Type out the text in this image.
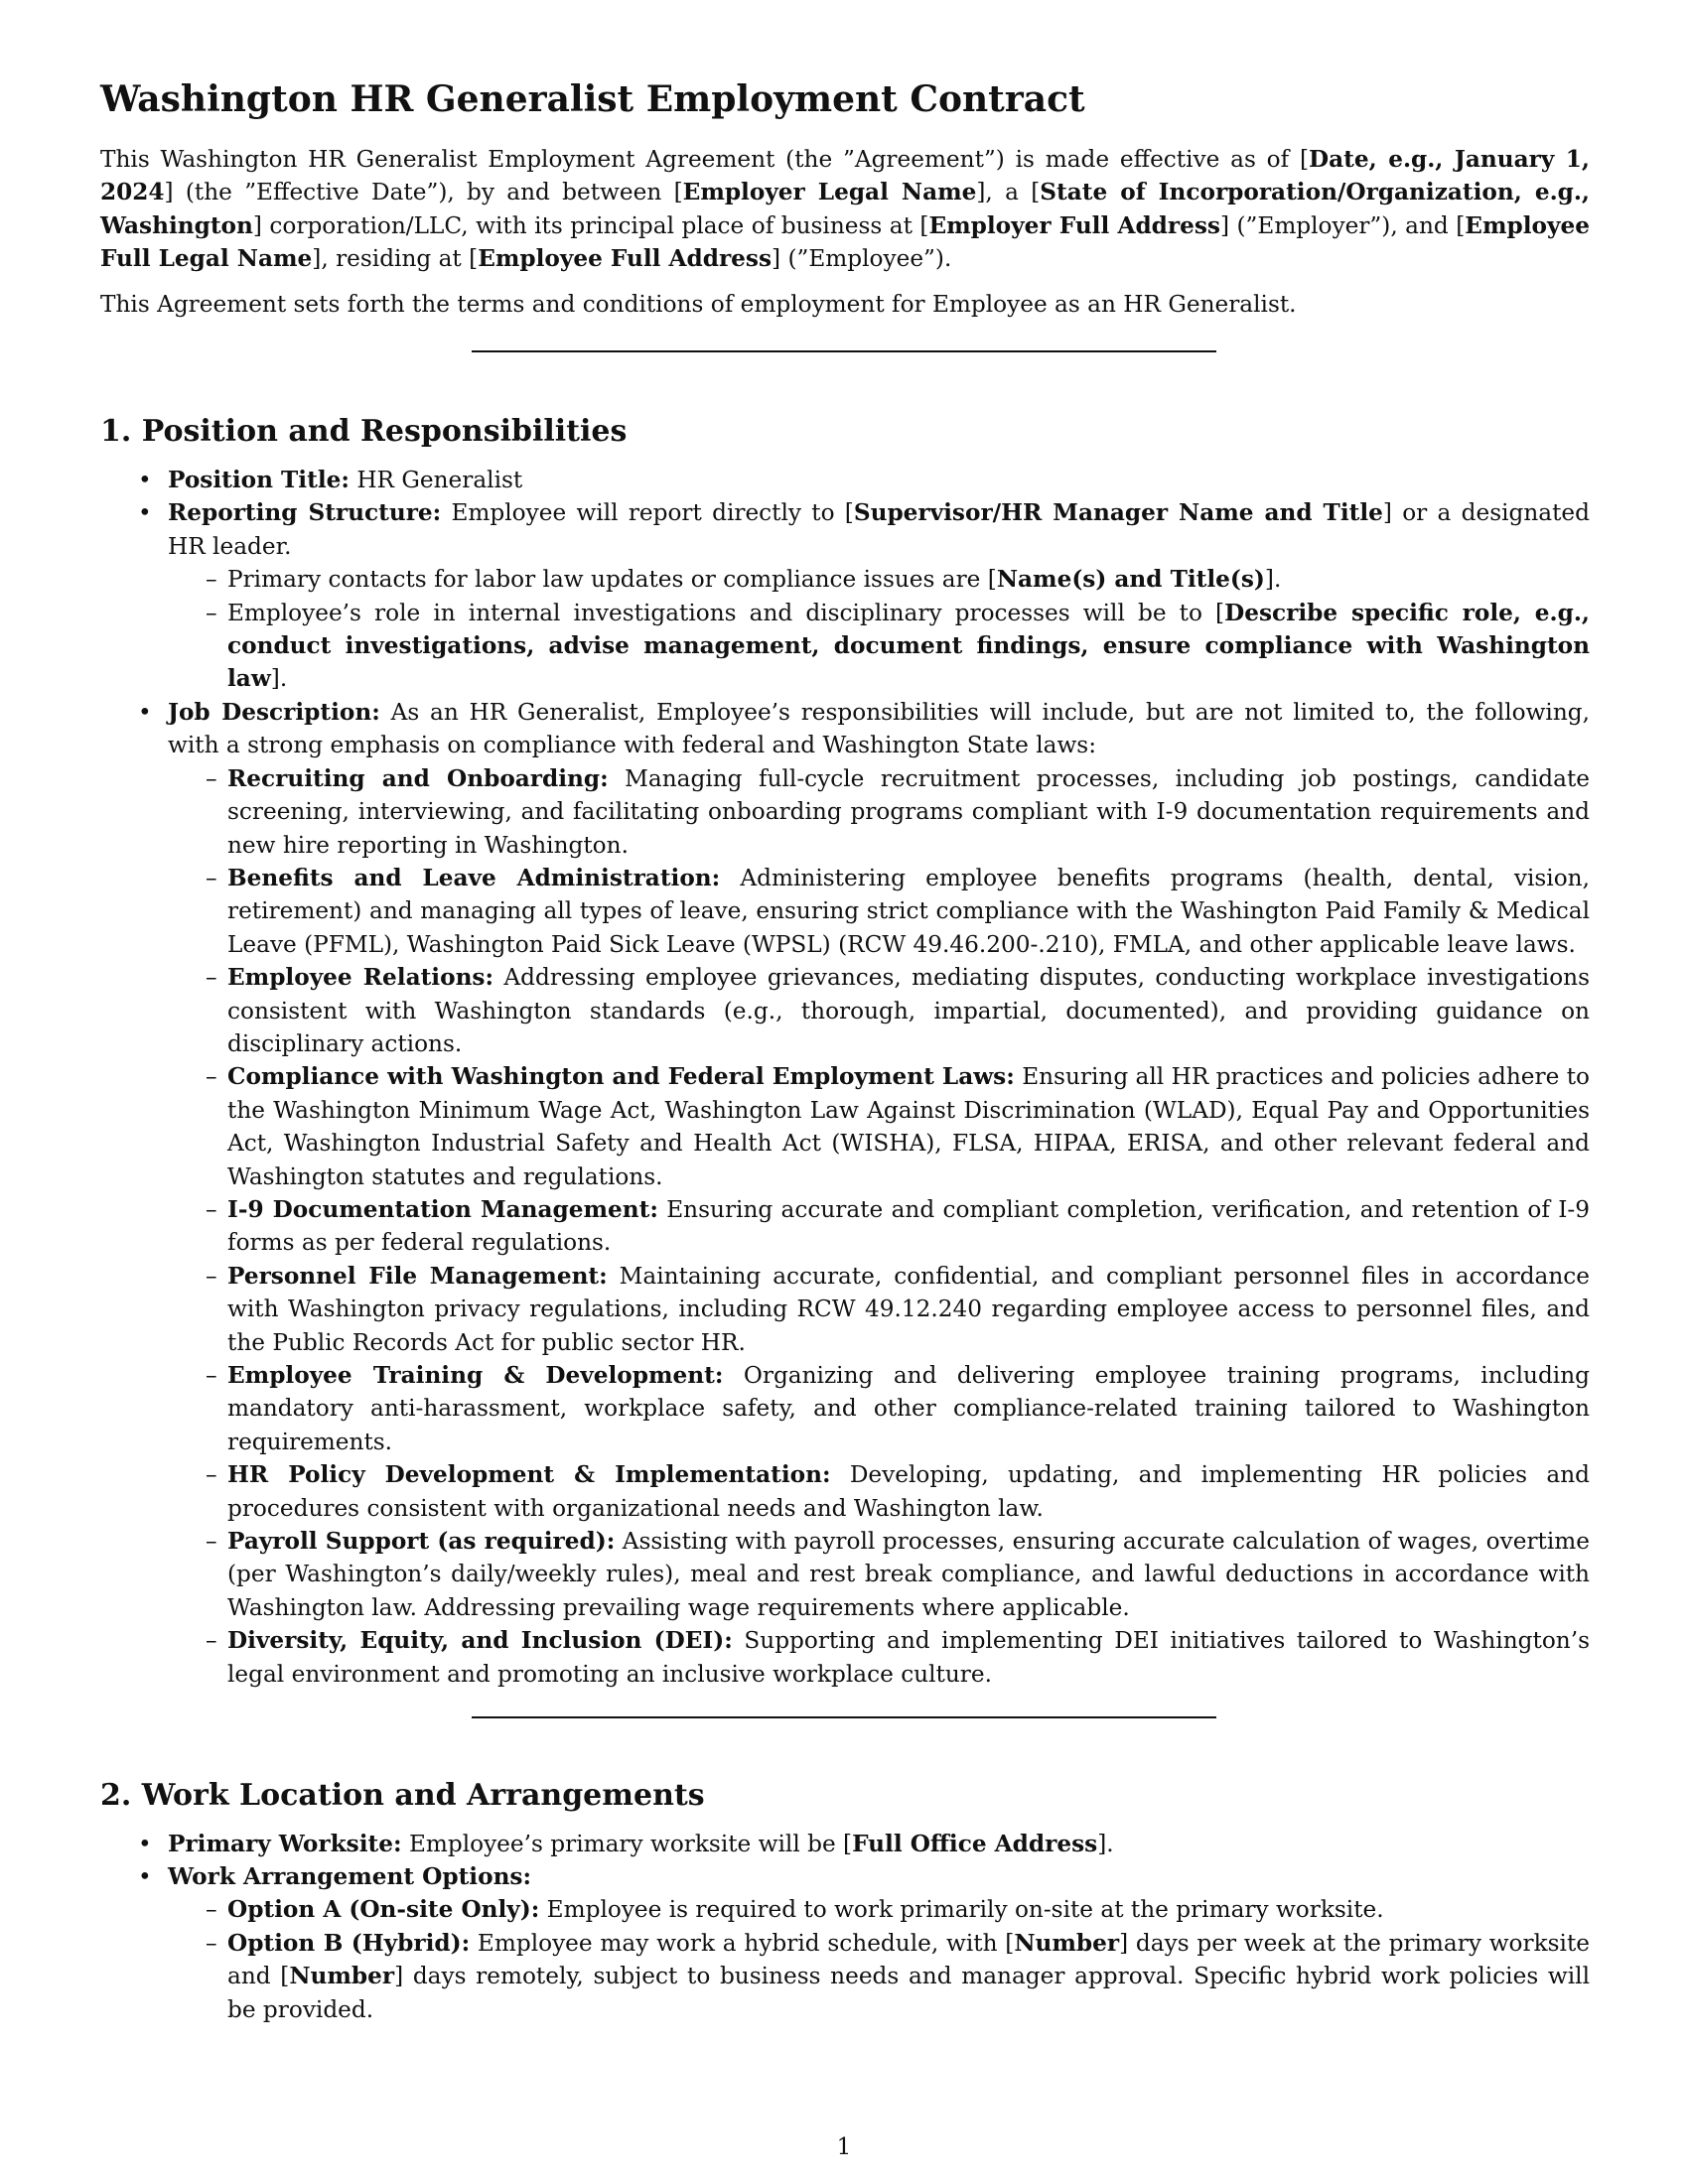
Washington HR Generalist Employment Contract

This Washington HR Generalist Employment Agreement (the ”Agreement”) is made effective as of [Date, e.g., January 1, 2024] (the ”Effective Date”), by and between [Employer Legal Name], a [State of Incorporation/Organization, e.g., Washington] corporation/LLC, with its principal place of business at [Employer Full Address] (”Employer”), and [Employee Full Legal Name], residing at [Employee Full Address] (”Employee”).

This Agreement sets forth the terms and conditions of employment for Employee as an HR Generalist.

1. Position and Responsibilities
• Position Title: HR Generalist
• Reporting Structure: Employee will report directly to [Supervisor/HR Manager Name and Title] or a designated HR leader.
– Primary contacts for labor law updates or compliance issues are [Name(s) and Title(s)].
– Employee’s role in internal investigations and disciplinary processes will be to [Describe specific role, e.g., conduct investigations, advise management, document findings, ensure compliance with Washington law].
• Job Description: As an HR Generalist, Employee’s responsibilities will include, but are not limited to, the following, with a strong emphasis on compliance with federal and Washington State laws:
– Recruiting and Onboarding: Managing full-cycle recruitment processes, including job postings, candidate screening, interviewing, and facilitating onboarding programs compliant with I-9 documentation requirements and new hire reporting in Washington.
– Benefits and Leave Administration: Administering employee benefits programs (health, dental, vision, retirement) and managing all types of leave, ensuring strict compliance with the Washington Paid Family & Medical Leave (PFML), Washington Paid Sick Leave (WPSL) (RCW 49.46.200-.210), FMLA, and other applicable leave laws.
– Employee Relations: Addressing employee grievances, mediating disputes, conducting workplace investigations consistent with Washington standards (e.g., thorough, impartial, documented), and providing guidance on disciplinary actions.
– Compliance with Washington and Federal Employment Laws: Ensuring all HR practices and policies adhere to the Washington Minimum Wage Act, Washington Law Against Discrimination (WLAD), Equal Pay and Opportunities Act, Washington Industrial Safety and Health Act (WISHA), FLSA, HIPAA, ERISA, and other relevant federal and Washington statutes and regulations.
– I-9 Documentation Management: Ensuring accurate and compliant completion, verification, and retention of I-9 forms as per federal regulations.
– Personnel File Management: Maintaining accurate, confidential, and compliant personnel files in accordance with Washington privacy regulations, including RCW 49.12.240 regarding employee access to personnel files, and the Public Records Act for public sector HR.
– Employee Training & Development: Organizing and delivering employee training programs, including mandatory anti-harassment, workplace safety, and other compliance-related training tailored to Washington requirements.
– HR Policy Development & Implementation: Developing, updating, and implementing HR policies and procedures consistent with organizational needs and Washington law.
– Payroll Support (as required): Assisting with payroll processes, ensuring accurate calculation of wages, overtime (per Washington’s daily/weekly rules), meal and rest break compliance, and lawful deductions in accordance with Washington law. Addressing prevailing wage requirements where applicable.
– Diversity, Equity, and Inclusion (DEI): Supporting and implementing DEI initiatives tailored to Washington’s legal environment and promoting an inclusive workplace culture.
2. Work Location and Arrangements
• Primary Worksite: Employee’s primary worksite will be [Full Office Address].
• Work Arrangement Options:
– Option A (On-site Only): Employee is required to work primarily on-site at the primary worksite.
– Option B (Hybrid): Employee may work a hybrid schedule, with [Number] days per week at the primary worksite and [Number] days remotely, subject to business needs and manager approval. Specific hybrid work policies will be provided.
1
